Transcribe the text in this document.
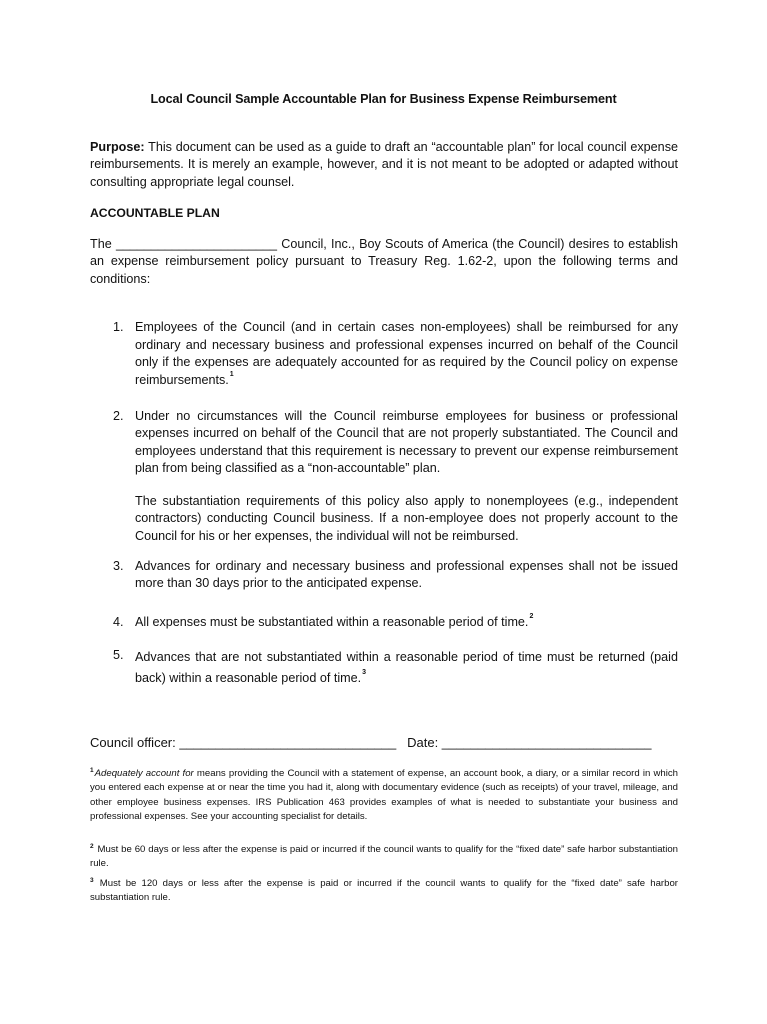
Local Council Sample Accountable Plan for Business Expense Reimbursement
Purpose: This document can be used as a guide to draft an “accountable plan” for local council expense reimbursements. It is merely an example, however, and it is not meant to be adopted or adapted without consulting appropriate legal counsel.
ACCOUNTABLE PLAN
The _______________________ Council, Inc., Boy Scouts of America (the Council) desires to establish an expense reimbursement policy pursuant to Treasury Reg. 1.62-2, upon the following terms and conditions:
1. Employees of the Council (and in certain cases non-employees) shall be reimbursed for any ordinary and necessary business and professional expenses incurred on behalf of the Council only if the expenses are adequately accounted for as required by the Council policy on expense reimbursements.$^1$
2. Under no circumstances will the Council reimburse employees for business or professional expenses incurred on behalf of the Council that are not properly substantiated. The Council and employees understand that this requirement is necessary to prevent our expense reimbursement plan from being classified as a “non-accountable” plan.
The substantiation requirements of this policy also apply to nonemployees (e.g., independent contractors) conducting Council business. If a non-employee does not properly account to the Council for his or her expenses, the individual will not be reimbursed.
3. Advances for ordinary and necessary business and professional expenses shall not be issued more than 30 days prior to the anticipated expense.
4. All expenses must be substantiated within a reasonable period of time.$^2$
5. Advances that are not substantiated within a reasonable period of time must be returned (paid back) within a reasonable period of time.$^3$
Council officer: ______________________________ Date: _____________________________
$^1$Adequately account for means providing the Council with a statement of expense, an account book, a diary, or a similar record in which you entered each expense at or near the time you had it, along with documentary evidence (such as receipts) of your travel, mileage, and other employee business expenses. IRS Publication 463 provides examples of what is needed to substantiate your business and professional expenses. See your accounting specialist for details.
$^2$ Must be 60 days or less after the expense is paid or incurred if the council wants to qualify for the “fixed date” safe harbor substantiation rule.
$^3$ Must be 120 days or less after the expense is paid or incurred if the council wants to qualify for the “fixed date” safe harbor substantiation rule.
